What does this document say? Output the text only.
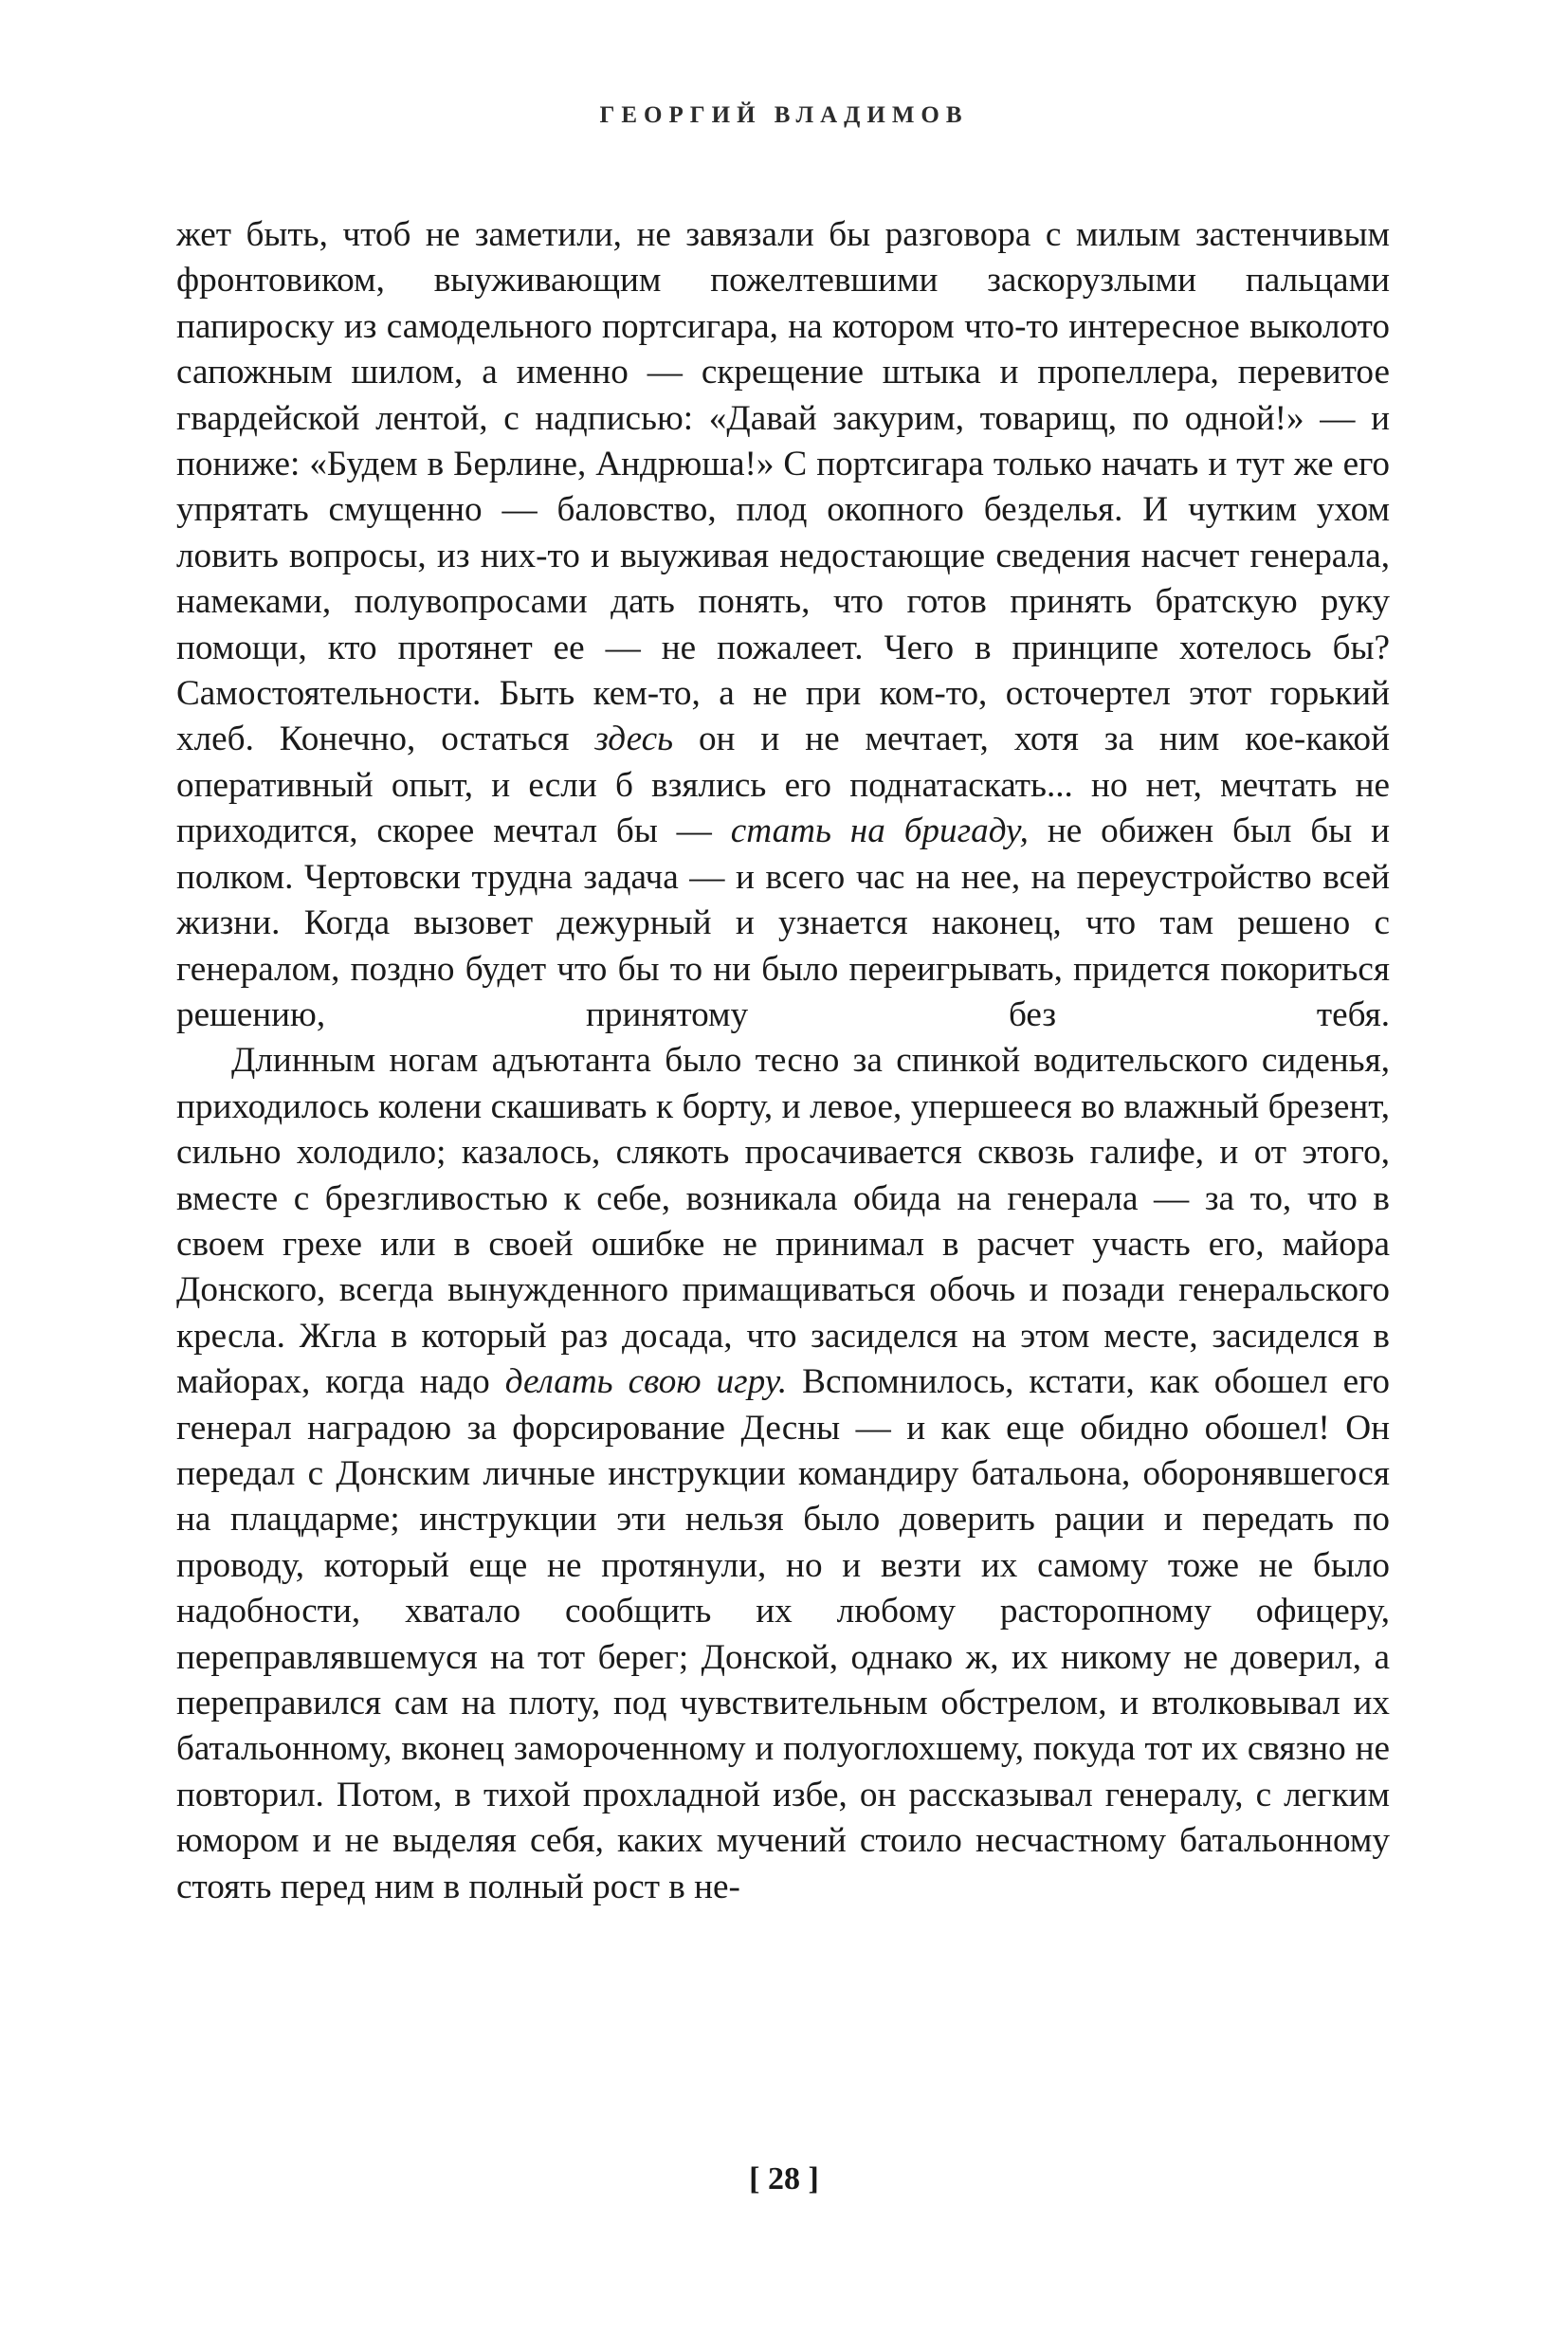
ГЕОРГИЙ ВЛАДИМОВ

жет быть, чтоб не заметили, не завязали бы разговора с милым застенчивым фронтовиком, выуживающим пожелтевшими заскорузлыми пальцами папироску из самодельного портсигара, на котором что-то интересное выколото сапожным шилом, а именно — скрещение штыка и пропеллера, перевитое гвардейской лентой, с надписью: «Давай закурим, товарищ, по одной!» — и пониже: «Будем в Берлине, Андрюша!» С портсигара только начать и тут же его упрятать смущенно — баловство, плод окопного безделья. И чутким ухом ловить вопросы, из них-то и выуживая недостающие сведения насчет генерала, намеками, полувопросами дать понять, что готов принять братскую руку помощи, кто протянет ее — не пожалеет. Чего в принципе хотелось бы? Самостоятельности. Быть кем-то, а не при ком-то, осточертел этот горький хлеб. Конечно, остаться здесь он и не мечтает, хотя за ним кое-какой оперативный опыт, и если б взялись его поднатаскать... но нет, мечтать не приходится, скорее мечтал бы — стать на бригаду, не обижен был бы и полком. Чертовски трудна задача — и всего час на нее, на переустройство всей жизни. Когда вызовет дежурный и узнается наконец, что там решено с генералом, поздно будет что бы то ни было переигрывать, придется покориться решению, принятому без тебя.

Длинным ногам адъютанта было тесно за спинкой водительского сиденья, приходилось колени скашивать к борту, и левое, упершееся во влажный брезент, сильно холодило; казалось, слякоть просачивается сквозь галифе, и от этого, вместе с брезгливостью к себе, возникала обида на генерала — за то, что в своем грехе или в своей ошибке не принимал в расчет участь его, майора Донского, всегда вынужденного примащиваться обочь и позади генеральского кресла. Жгла в который раз досада, что засиделся на этом месте, засиделся в майорах, когда надо делать свою игру. Вспомнилось, кстати, как обошел его генерал наградою за форсирование Десны — и как еще обидно обошел! Он передал с Донским личные инструкции командиру батальона, оборонявшегося на плацдарме; инструкции эти нельзя было доверить рации и передать по проводу, который еще не протянули, но и везти их самому тоже не было надобности, хватало сообщить их любому расторопному офицеру, переправлявшемуся на тот берег; Донской, однако ж, их никому не доверил, а переправился сам на плоту, под чувствительным обстрелом, и втолковывал их батальонному, вконец замороченному и полуоглохшему, покуда тот их связно не повторил. Потом, в тихой прохладной избе, он рассказывал генералу, с легким юмором и не выделяя себя, каких мучений стоило несчастному батальонному стоять перед ним в полный рост в не-

[ 28 ]
